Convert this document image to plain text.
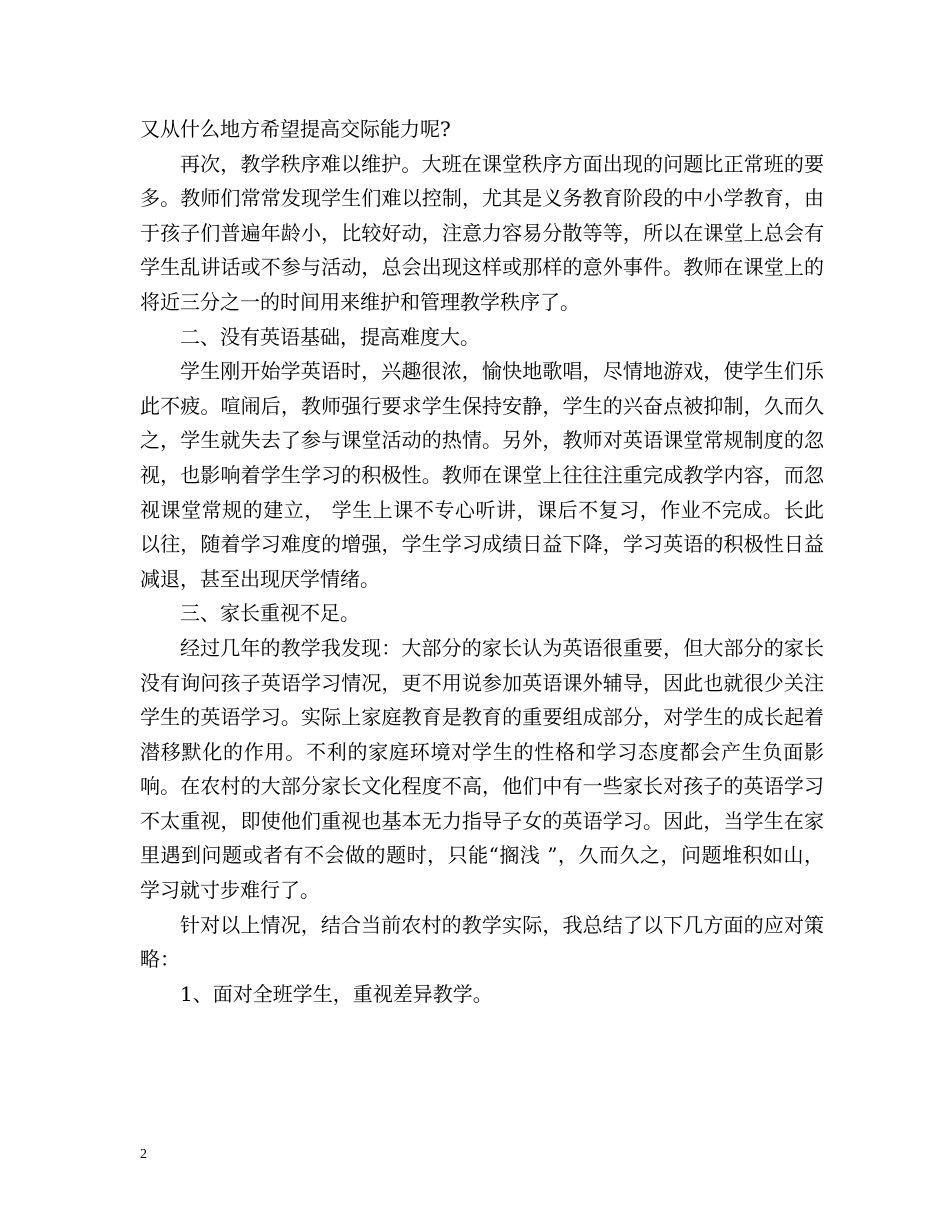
又从什么地方希望提高交际能力呢?

再次，教学秩序难以维护。大班在课堂秩序方面出现的问题比正常班的要多。教师们常常发现学生们难以控制，尤其是义务教育阶段的中小学教育，由于孩子们普遍年龄小，比较好动，注意力容易分散等等，所以在课堂上总会有学生乱讲话或不参与活动，总会出现这样或那样的意外事件。教师在课堂上的将近三分之一的时间用来维护和管理教学秩序了。

二、没有英语基础，提高难度大。

学生刚开始学英语时，兴趣很浓，愉快地歌唱，尽情地游戏，使学生们乐此不疲。喧闹后，教师强行要求学生保持安静，学生的兴奋点被抑制，久而久之，学生就失去了参与课堂活动的热情。另外，教师对英语课堂常规制度的忽视，也影响着学生学习的积极性。教师在课堂上往往注重完成教学内容，而忽视课堂常规的建立， 学生上课不专心听讲，课后不复习，作业不完成。长此以往，随着学习难度的增强，学生学习成绩日益下降，学习英语的积极性日益减退，甚至出现厌学情绪。

三、家长重视不足。

经过几年的教学我发现：大部分的家长认为英语很重要，但大部分的家长没有询问孩子英语学习情况，更不用说参加英语课外辅导，因此也就很少关注学生的英语学习。实际上家庭教育是教育的重要组成部分，对学生的成长起着潜移默化的作用。不利的家庭环境对学生的性格和学习态度都会产生负面影响。在农村的大部分家长文化程度不高，他们中有一些家长对孩子的英语学习不太重视，即使他们重视也基本无力指导子女的英语学习。因此，当学生在家里遇到问题或者有不会做的题时，只能“搁浅 ”，久而久之，问题堆积如山，学习就寸步难行了。

针对以上情况，结合当前农村的教学实际，我总结了以下几方面的应对策略：

1、面对全班学生，重视差异教学。

2
